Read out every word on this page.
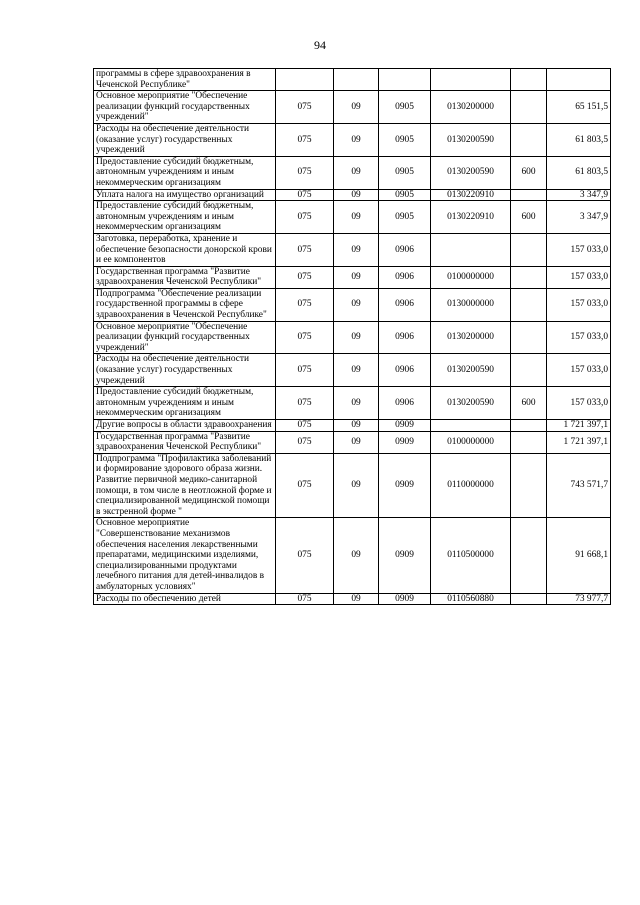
94
программы в сфере здравоохранения в Чеченской Республике"						
Основное мероприятие "Обеспечение реализации функций государственных учреждений"	075	09	0905	0130200000		65 151,5
Расходы на обеспечение деятельности (оказание услуг) государственных учреждений	075	09	0905	0130200590		61 803,5
Предоставление субсидий бюджетным, автономным учреждениям и иным некоммерческим организациям	075	09	0905	0130200590	600	61 803,5
Уплата налога на имущество организаций	075	09	0905	0130220910		3 347,9
Предоставление субсидий бюджетным, автономным учреждениям и иным некоммерческим организациям	075	09	0905	0130220910	600	3 347,9
Заготовка, переработка, хранение и обеспечение безопасности донорской крови и ее компонентов	075	09	0906			157 033,0
Государственная программа "Развитие здравоохранения Чеченской Республики"	075	09	0906	0100000000		157 033,0
Подпрограмма "Обеспечение реализации государственной программы в сфере здравоохранения в Чеченской Республике"	075	09	0906	0130000000		157 033,0
Основное мероприятие "Обеспечение реализации функций государственных учреждений"	075	09	0906	0130200000		157 033,0
Расходы на обеспечение деятельности (оказание услуг) государственных учреждений	075	09	0906	0130200590		157 033,0
Предоставление субсидий бюджетным, автономным учреждениям и иным некоммерческим организациям	075	09	0906	0130200590	600	157 033,0
Другие вопросы в области здравоохранения	075	09	0909			1 721 397,1
Государственная программа "Развитие здравоохранения Чеченской Республики"	075	09	0909	0100000000		1 721 397,1
Подпрограмма "Профилактика заболеваний и формирование здорового образа жизни. Развитие первичной медико-санитарной помощи, в том числе в неотложной форме и специализированной медицинской помощи в экстренной форме "	075	09	0909	0110000000		743 571,7
Основное мероприятие "Совершенствование механизмов обеспечения населения лекарственными препаратами, медицинскими изделиями, специализированными продуктами лечебного питания для детей-инвалидов в амбулаторных условиях"	075	09	0909	0110500000		91 668,1
Расходы по обеспечению детей	075	09	0909	0110560880		73 977,7
